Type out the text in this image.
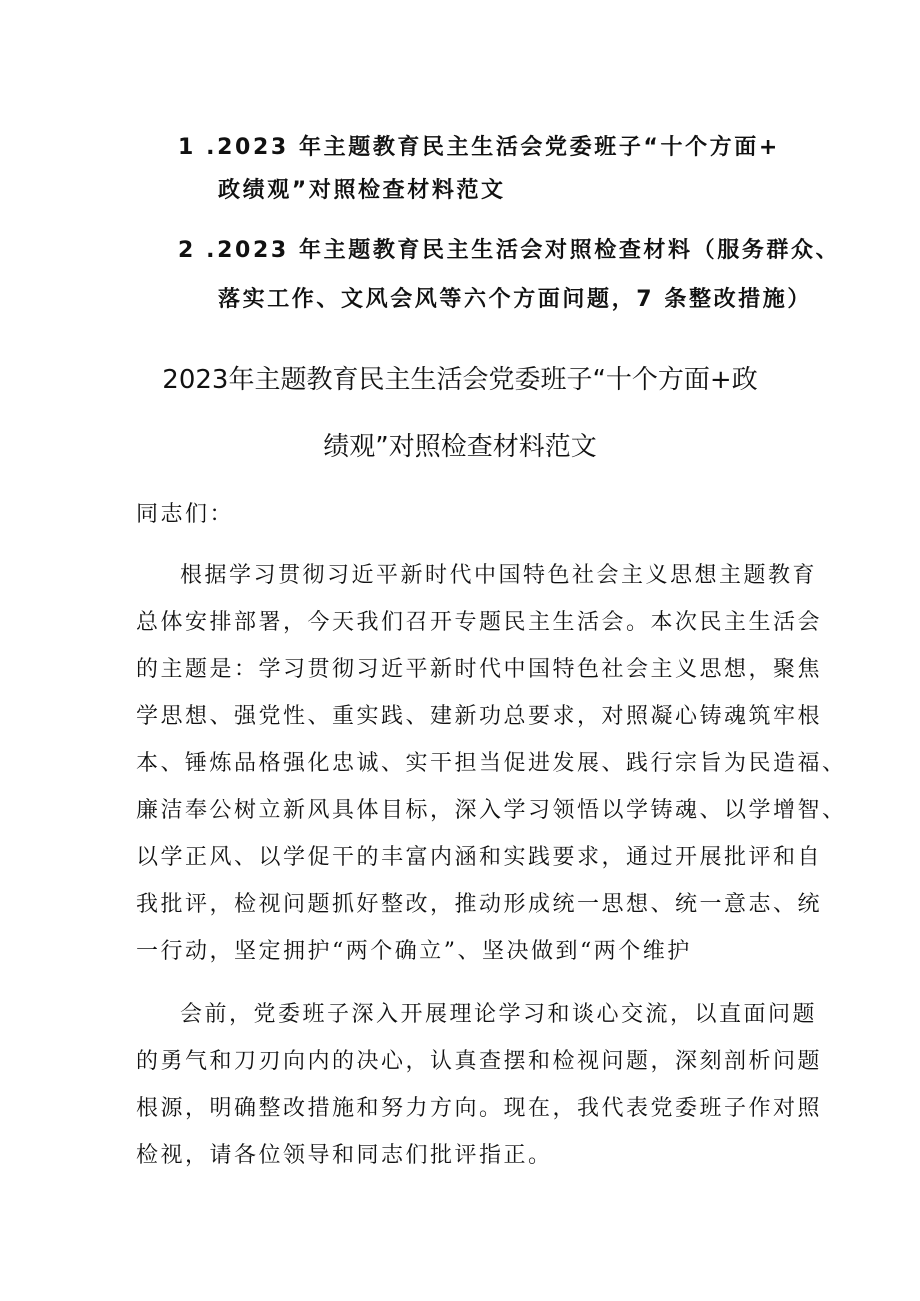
1 .2023 年主题教育民主生活会党委班子“十个方面+
政绩观”对照检查材料范文
2 .2023 年主题教育民主生活会对照检查材料（服务群众、
落实工作、文风会风等六个方面问题，7 条整改措施）
2023年主题教育民主生活会党委班子“十个方面+政
绩观”对照检查材料范文
同志们：
根据学习贯彻习近平新时代中国特色社会主义思想主题教育
总体安排部署，今天我们召开专题民主生活会。本次民主生活会
的主题是：学习贯彻习近平新时代中国特色社会主义思想，聚焦
学思想、强党性、重实践、建新功总要求，对照凝心铸魂筑牢根
本、锤炼品格强化忠诚、实干担当促进发展、践行宗旨为民造福、
廉洁奉公树立新风具体目标，深入学习领悟以学铸魂、以学增智、
以学正风、以学促干的丰富内涵和实践要求，通过开展批评和自
我批评，检视问题抓好整改，推动形成统一思想、统一意志、统
一行动，坚定拥护“两个确立”、坚决做到“两个维护
会前，党委班子深入开展理论学习和谈心交流，以直面问题
的勇气和刀刃向内的决心，认真查摆和检视问题，深刻剖析问题
根源，明确整改措施和努力方向。现在，我代表党委班子作对照
检视，请各位领导和同志们批评指正。
